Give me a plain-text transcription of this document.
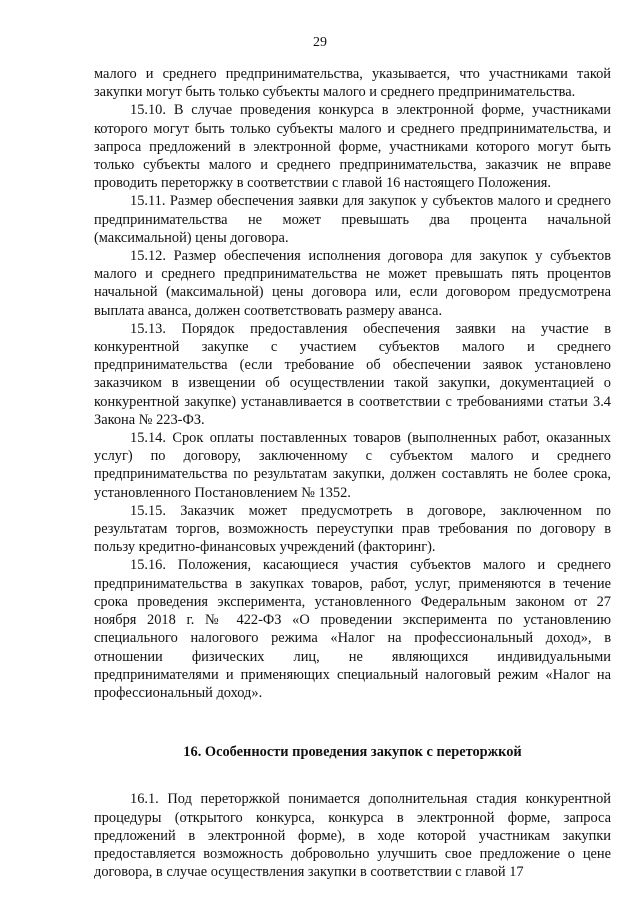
29

малого и среднего предпринимательства, указывается, что участниками такой закупки могут быть только субъекты малого и среднего предпринимательства.

15.10. В случае проведения конкурса в электронной форме, участниками которого могут быть только субъекты малого и среднего предпринимательства, и запроса предложений в электронной форме, участниками которого могут быть только субъекты малого и среднего предпринимательства, заказчик не вправе проводить переторжку в соответствии с главой 16 настоящего Положения.

15.11. Размер обеспечения заявки для закупок у субъектов малого и среднего предпринимательства не может превышать два процента начальной (максимальной) цены договора.

15.12. Размер обеспечения исполнения договора для закупок у субъектов малого и среднего предпринимательства не может превышать пять процентов начальной (максимальной) цены договора или, если договором предусмотрена выплата аванса, должен соответствовать размеру аванса.

15.13. Порядок предоставления обеспечения заявки на участие в конкурентной закупке с участием субъектов малого и среднего предпринимательства (если требование об обеспечении заявок установлено заказчиком в извещении об осуществлении такой закупки, документацией о конкурентной закупке) устанавливается в соответствии с требованиями статьи 3.4 Закона № 223-ФЗ.

15.14. Срок оплаты поставленных товаров (выполненных работ, оказанных услуг) по договору, заключенному с субъектом малого и среднего предпринимательства по результатам закупки, должен составлять не более срока, установленного Постановлением № 1352.

15.15. Заказчик может предусмотреть в договоре, заключенном по результатам торгов, возможность переуступки прав требования по договору в пользу кредитно-финансовых учреждений (факторинг).

15.16. Положения, касающиеся участия субъектов малого и среднего предпринимательства в закупках товаров, работ, услуг, применяются в течение срока проведения эксперимента, установленного Федеральным законом от 27 ноября 2018 г. № 422-ФЗ «О проведении эксперимента по установлению специального налогового режима «Налог на профессиональный доход», в отношении физических лиц, не являющихся индивидуальными предпринимателями и применяющих специальный налоговый режим «Налог на профессиональный доход».

16. Особенности проведения закупок с переторжкой

16.1. Под переторжкой понимается дополнительная стадия конкурентной процедуры (открытого конкурса, конкурса в электронной форме, запроса предложений в электронной форме), в ходе которой участникам закупки предоставляется возможность добровольно улучшить свое предложение о цене договора, в случае осуществления закупки в соответствии с главой 17
